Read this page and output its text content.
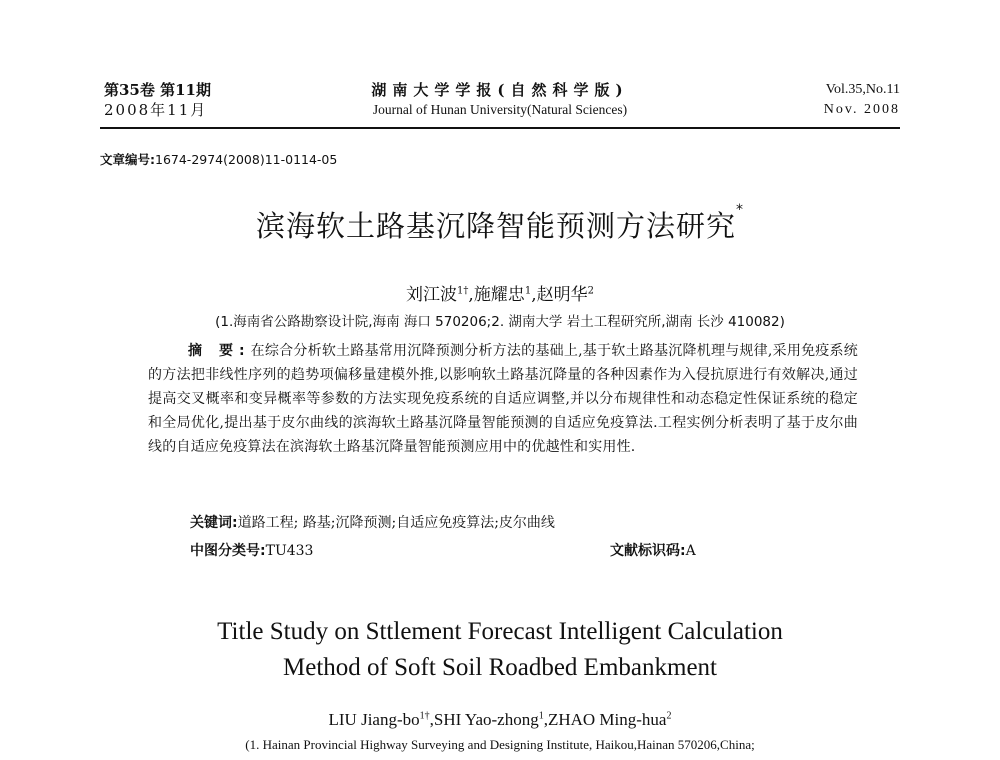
第35卷 第11期
2008年11月
湖南大学学报(自然科学版)
Journal of Hunan University(Natural Sciences)
Vol.35,No.11
Nov. 2008
文章编号:1674-2974(2008)11-0114-05
滨海软土路基沉降智能预测方法研究*
刘江波$^{1\dagger}$,施耀忠$^1$,赵明华$^2$
(1.海南省公路勘察设计院,海南 海口 570206;2. 湖南大学 岩土工程研究所,湖南 长沙 410082)

摘 要:在综合分析软土路基常用沉降预测分析方法的基础上,基于软土路基沉降机理与规律,采用免疫系统的方法把非线性序列的趋势项偏移量建模外推,以影响软土路基沉降量的各种因素作为入侵抗原进行有效解决,通过提高交叉概率和变异概率等参数的方法实现免疫系统的自适应调整,并以分布规律性和动态稳定性保证系统的稳定和全局优化,提出基于皮尔曲线的滨海软土路基沉降量智能预测的自适应免疫算法.工程实例分析表明了基于皮尔曲线的自适应免疫算法在滨海软土路基沉降量智能预测应用中的优越性和实用性.

关键词:道路工程; 路基;沉降预测;自适应免疫算法;皮尔曲线
中图分类号:TU433	文献标识码:A
Title Study on Sttlement Forecast Intelligent Calculation
Method of Soft Soil Roadbed Embankment
LIU Jiang-$bo^{1\dagger},SHI$ Yao-zhong$^1$,ZHAO Ming-hua$^2$
(1. Hainan Provincial Highway Surveying and Designing Institute, Haikou,Hainan 570206,China;
